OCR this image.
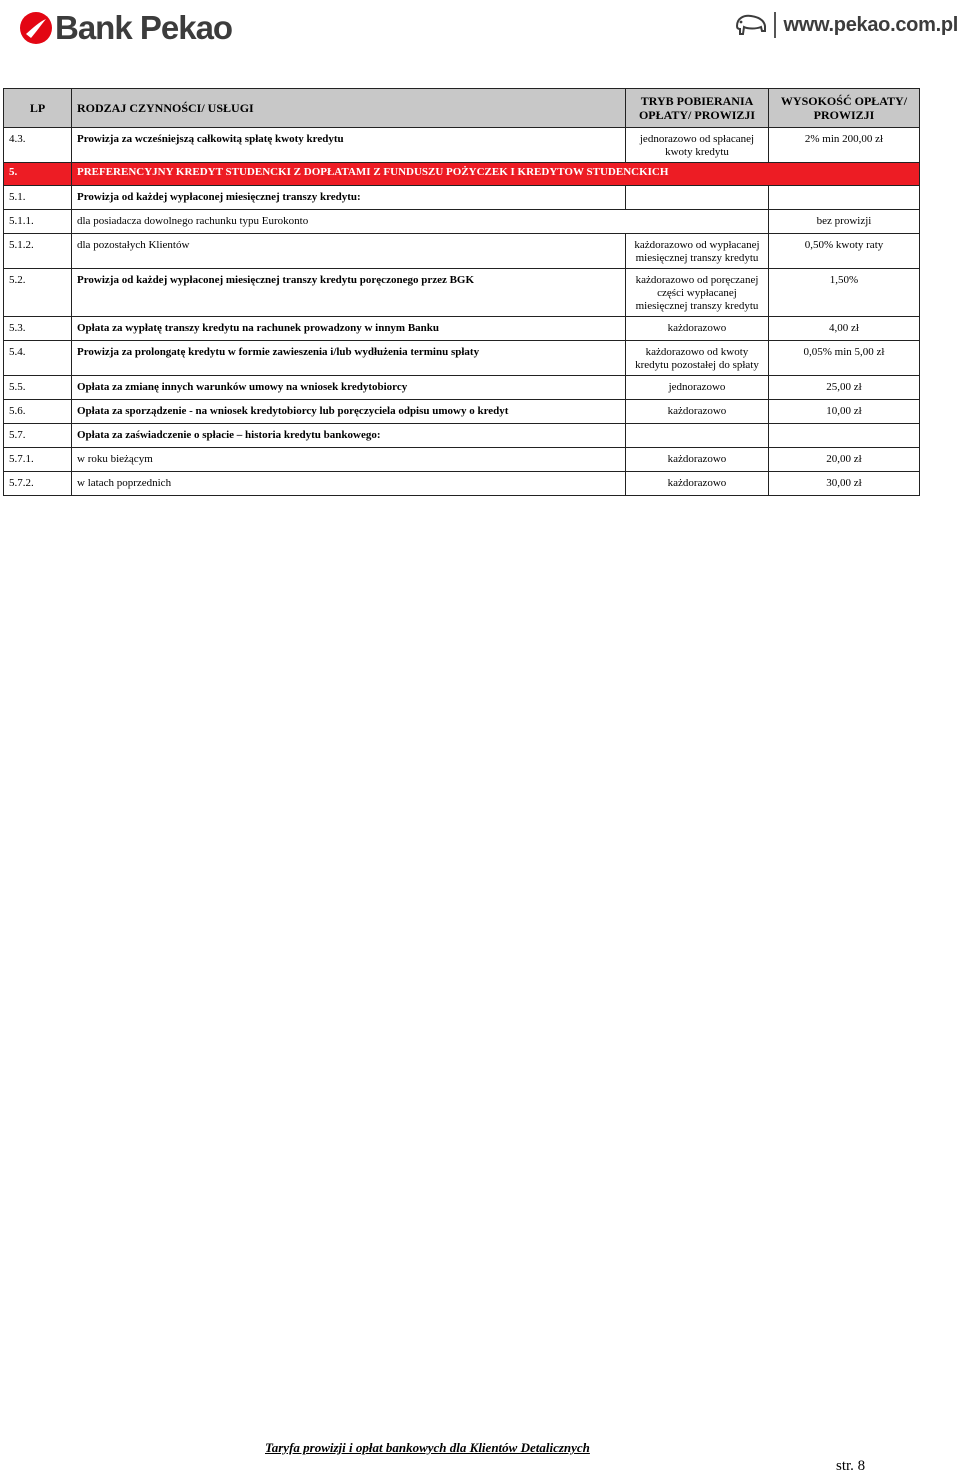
Bank Pekao	www.pekao.com.pl
LP	RODZAJ CZYNNOŚCI/ USŁUGI	TRYB POBIERANIA OPŁATY/ PROWIZJI	WYSOKOŚĆ OPŁATY/ PROWIZJI
4.3.	Prowizja za wcześniejszą całkowitą spłatę kwoty kredytu	jednorazowo od spłacanej kwoty kredytu	2% min 200,00 zł
5.	PREFERENCYJNY KREDYT STUDENCKI Z DOPŁATAMI Z FUNDUSZU POŻYCZEK I KREDYTOW STUDENCKICH		
5.1.	Prowizja od każdej wypłaconej miesięcznej transzy kredytu:		
5.1.1.	dla posiadacza dowolnego rachunku typu Eurokonto		bez prowizji
5.1.2.	dla pozostałych Klientów	każdorazowo od wypłacanej miesięcznej transzy kredytu	0,50% kwoty raty
5.2.	Prowizja od każdej wypłaconej miesięcznej transzy kredytu poręczonego przez BGK	każdorazowo od poręczanej części wypłacanej miesięcznej transzy kredytu	1,50%
5.3.	Opłata za wypłatę transzy kredytu na rachunek prowadzony w innym Banku	każdorazowo	4,00 zł
5.4.	Prowizja za prolongatę kredytu w formie zawieszenia i/lub wydłużenia terminu spłaty	każdorazowo od kwoty kredytu pozostałej do spłaty	0,05% min 5,00 zł
5.5.	Opłata za zmianę innych warunków umowy na wniosek kredytobiorcy	jednorazowo	25,00 zł
5.6.	Opłata za sporządzenie - na wniosek kredytobiorcy lub poręczyciela odpisu umowy o kredyt	każdorazowo	10,00 zł
5.7.	Opłata za zaświadczenie o spłacie – historia kredytu bankowego:		
5.7.1.	w roku bieżącym	każdorazowo	20,00 zł
5.7.2.	w latach poprzednich	każdorazowo	30,00 zł
Taryfa prowizji i opłat bankowych dla Klientów Detalicznych
str. 8
